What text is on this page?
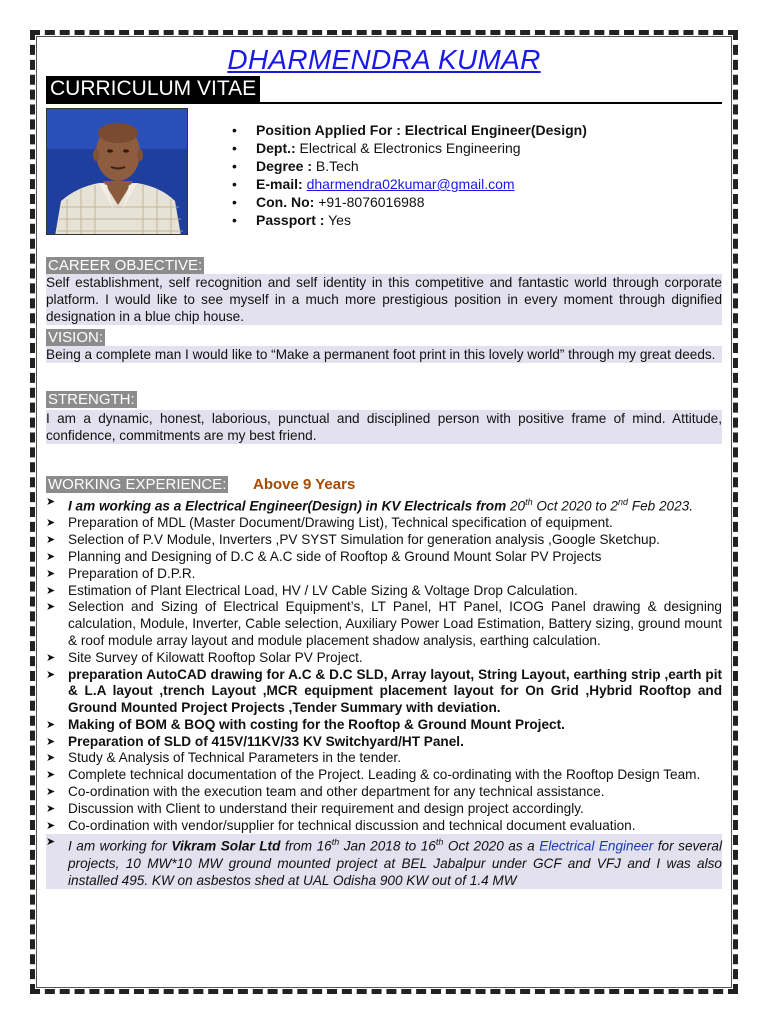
DHARMENDRA KUMAR
CURRICULUM VITAE
• Position Applied For : Electrical Engineer(Design)
• Dept.: Electrical & Electronics Engineering
• Degree : B.Tech
• E-mail: dharmendra02kumar@gmail.com
• Con. No: +91-8076016988
• Passport : Yes
CAREER OBJECTIVE:
Self establishment, self recognition and self identity in this competitive and fantastic world through corporate platform. I would like to see myself in a much more prestigious position in every moment through dignified designation in a blue chip house.
VISION:
Being a complete man I would like to “Make a permanent foot print in this lovely world” through my great deeds.
STRENGTH:
I am a dynamic, honest, laborious, punctual and disciplined person with positive frame of mind. Attitude, confidence, commitments are my best friend.
WORKING EXPERIENCE: Above 9 Years
➤ I am working as a Electrical Engineer(Design) in KV Electricals from 20th Oct 2020 to 2nd Feb 2023.
➤ Preparation of MDL (Master Document/Drawing List), Technical specification of equipment.
➤ Selection of P.V Module, Inverters ,PV SYST Simulation for generation analysis ,Google Sketchup.
➤ Planning and Designing of D.C & A.C side of Rooftop & Ground Mount Solar PV Projects
➤ Preparation of D.P.R.
➤ Estimation of Plant Electrical Load, HV / LV Cable Sizing & Voltage Drop Calculation.
➤ Selection and Sizing of Electrical Equipment’s, LT Panel, HT Panel, ICOG Panel drawing & designing calculation, Module, Inverter, Cable selection, Auxiliary Power Load Estimation, Battery sizing, ground mount & roof module array layout and module placement shadow analysis, earthing calculation.
➤ Site Survey of Kilowatt Rooftop Solar PV Project.
➤ preparation AutoCAD drawing for A.C & D.C SLD, Array layout, String Layout, earthing strip ,earth pit & L.A layout ,trench Layout ,MCR equipment placement layout for On Grid ,Hybrid Rooftop and Ground Mounted Project Projects ,Tender Summary with deviation.
➤ Making of BOM & BOQ with costing for the Rooftop & Ground Mount Project.
➤ Preparation of SLD of 415V/11KV/33 KV Switchyard/HT Panel.
➤ Study & Analysis of Technical Parameters in the tender.
➤ Complete technical documentation of the Project. Leading & co-ordinating with the Rooftop Design Team.
➤ Co-ordination with the execution team and other department for any technical assistance.
➤ Discussion with Client to understand their requirement and design project accordingly.
➤ Co-ordination with vendor/supplier for technical discussion and technical document evaluation.
➤ I am working for Vikram Solar Ltd from 16th Jan 2018 to 16th Oct 2020 as a Electrical Engineer for several projects, 10 MW*10 MW ground mounted project at BEL Jabalpur under GCF and VFJ and I was also installed 495. KW on asbestos shed at UAL Odisha 900 KW out of 1.4 MW
